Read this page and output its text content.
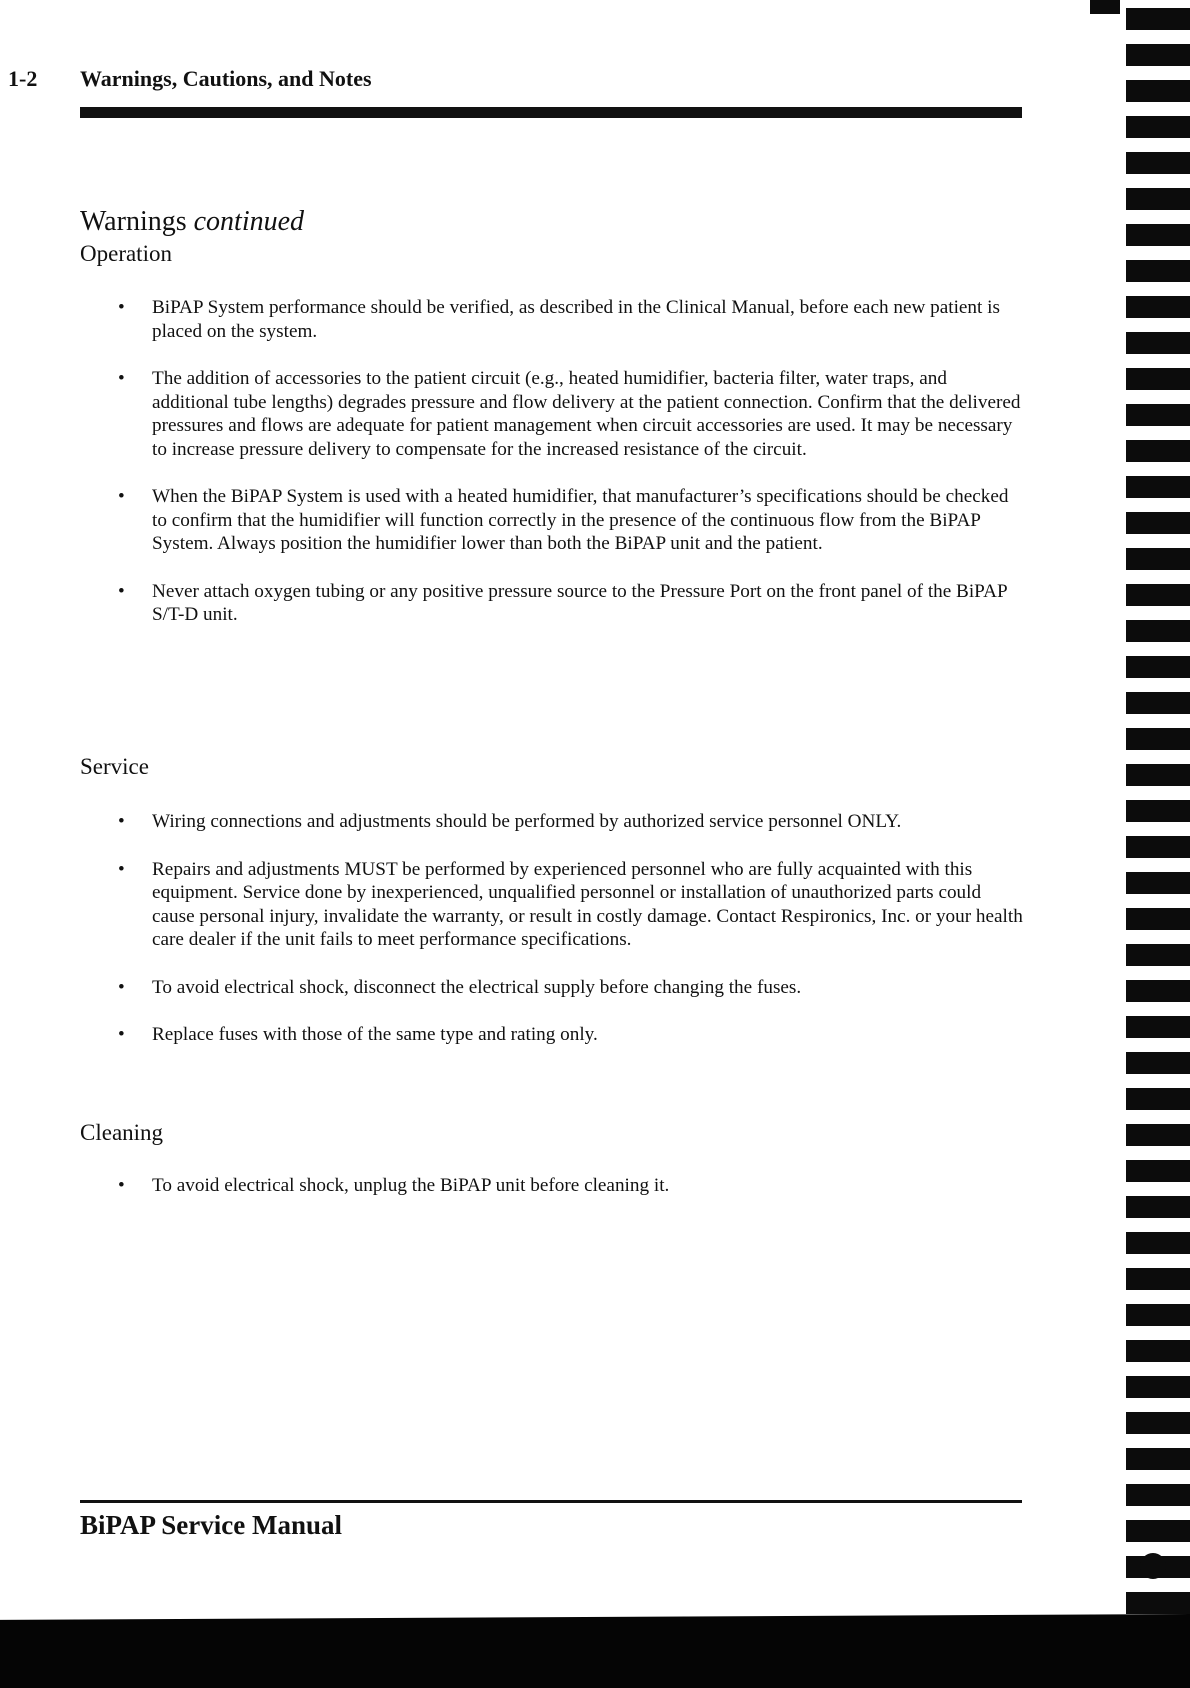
1-2 Warnings, Cautions, and Notes
Warnings continued
Operation
• BiPAP System performance should be verified, as described in the Clinical Manual, before each new patient is placed on the system.
• The addition of accessories to the patient circuit (e.g., heated humidifier, bacteria filter, water traps, and additional tube lengths) degrades pressure and flow delivery at the patient connection. Confirm that the delivered pressures and flows are adequate for patient management when circuit accessories are used. It may be necessary to increase pressure delivery to compensate for the increased resistance of the circuit.
• When the BiPAP System is used with a heated humidifier, that manufacturer’s specifications should be checked to confirm that the humidifier will function correctly in the presence of the continuous flow from the BiPAP System. Always position the humidifier lower than both the BiPAP unit and the patient.
• Never attach oxygen tubing or any positive pressure source to the Pressure Port on the front panel of the BiPAP S/T-D unit.
Service
• Wiring connections and adjustments should be performed by authorized service personnel ONLY.
• Repairs and adjustments MUST be performed by experienced personnel who are fully acquainted with this equipment. Service done by inexperienced, unqualified personnel or installation of unauthorized parts could cause personal injury, invalidate the warranty, or result in costly damage. Contact Respironics, Inc. or your health care dealer if the unit fails to meet performance specifications.
• To avoid electrical shock, disconnect the electrical supply before changing the fuses.
• Replace fuses with those of the same type and rating only.
Cleaning
• To avoid electrical shock, unplug the BiPAP unit before cleaning it.
BiPAP Service Manual
